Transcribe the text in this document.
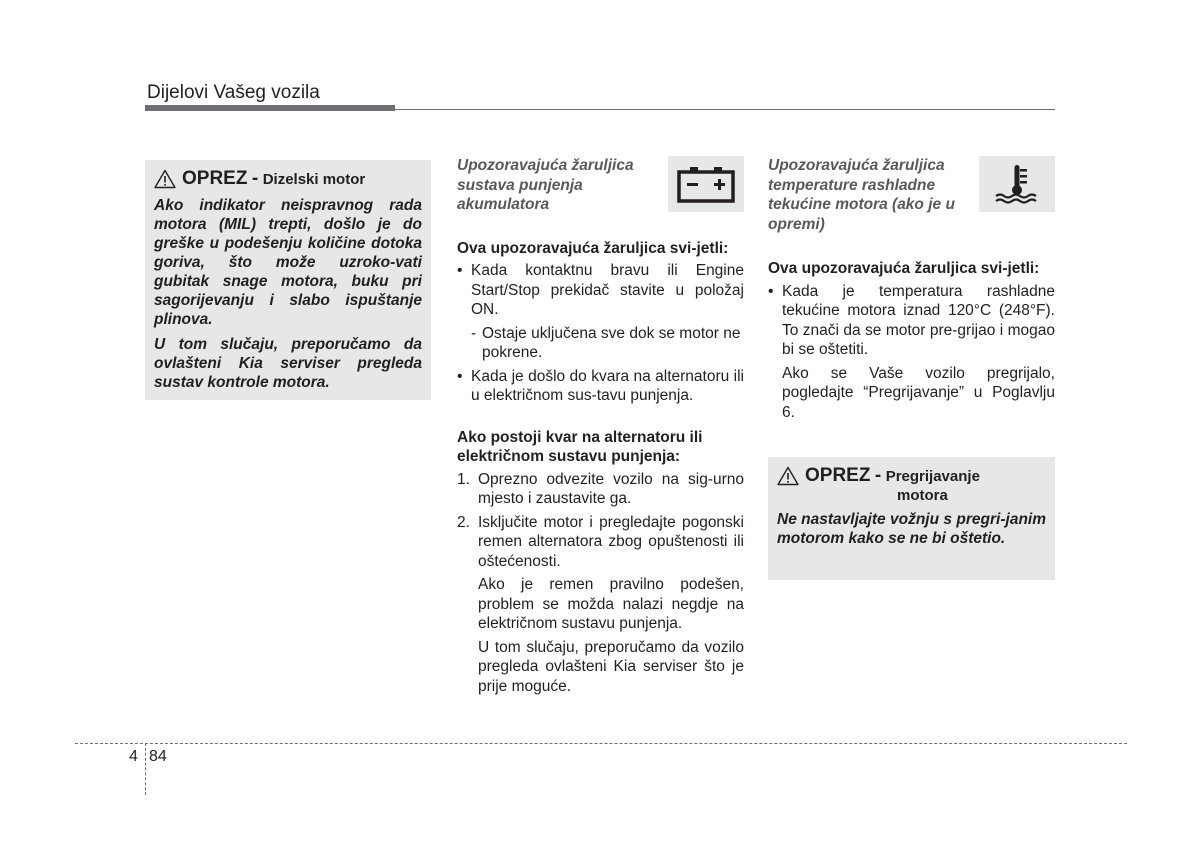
Dijelovi Vašeg vozila
OPREZ - Dizelski motor

Ako indikator neispravnog rada motora (MIL) trepti, došlo je do greške u podešenju količine dotoka goriva, što može uzroko-vati gubitak snage motora, buku pri sagorijevanju i slabo ispuštanje plinova.

U tom slučaju, preporučamo da ovlašteni Kia serviser pregleda sustav kontrole motora.

Upozoravajuća žaruljica sustava punjenja akumulatora

Ova upozoravajuća žaruljica svi-jetli:

• Kada kontaktnu bravu ili Engine Start/Stop prekidač stavite u položaj ON.
- Ostaje uključena sve dok se motor ne pokrene.
• Kada je došlo do kvara na alternatoru ili u električnom sus-tavu punjenja.

Ako postoji kvar na alternatoru ili električnom sustavu punjenja:

1. Oprezno odvezite vozilo na sig-urno mjesto i zaustavite ga.
2. Isključite motor i pregledajte pogonski remen alternatora zbog opuštenosti ili oštećenosti.
Ako je remen pravilno podešen, problem se možda nalazi negdje na električnom sustavu punjenja.
U tom slučaju, preporučamo da vozilo pregleda ovlašteni Kia serviser što je prije moguće.
Upozoravajuća žaruljica temperature rashladne tekućine motora (ako je u opremi)

Ova upozoravajuća žaruljica svi-jetli:

• Kada je temperatura rashladne tekućine motora iznad 120°C (248°F). To znači da se motor pre-grijao i mogao bi se oštetiti.
Ako se Vaše vozilo pregrijalo, pogledajte “Pregrijavanje” u Poglavlju 6.
OPREZ - Pregrijavanje
motora

Ne nastavljajte vožnju s pregri-janim motorom kako se ne bi oštetio.

4 84
